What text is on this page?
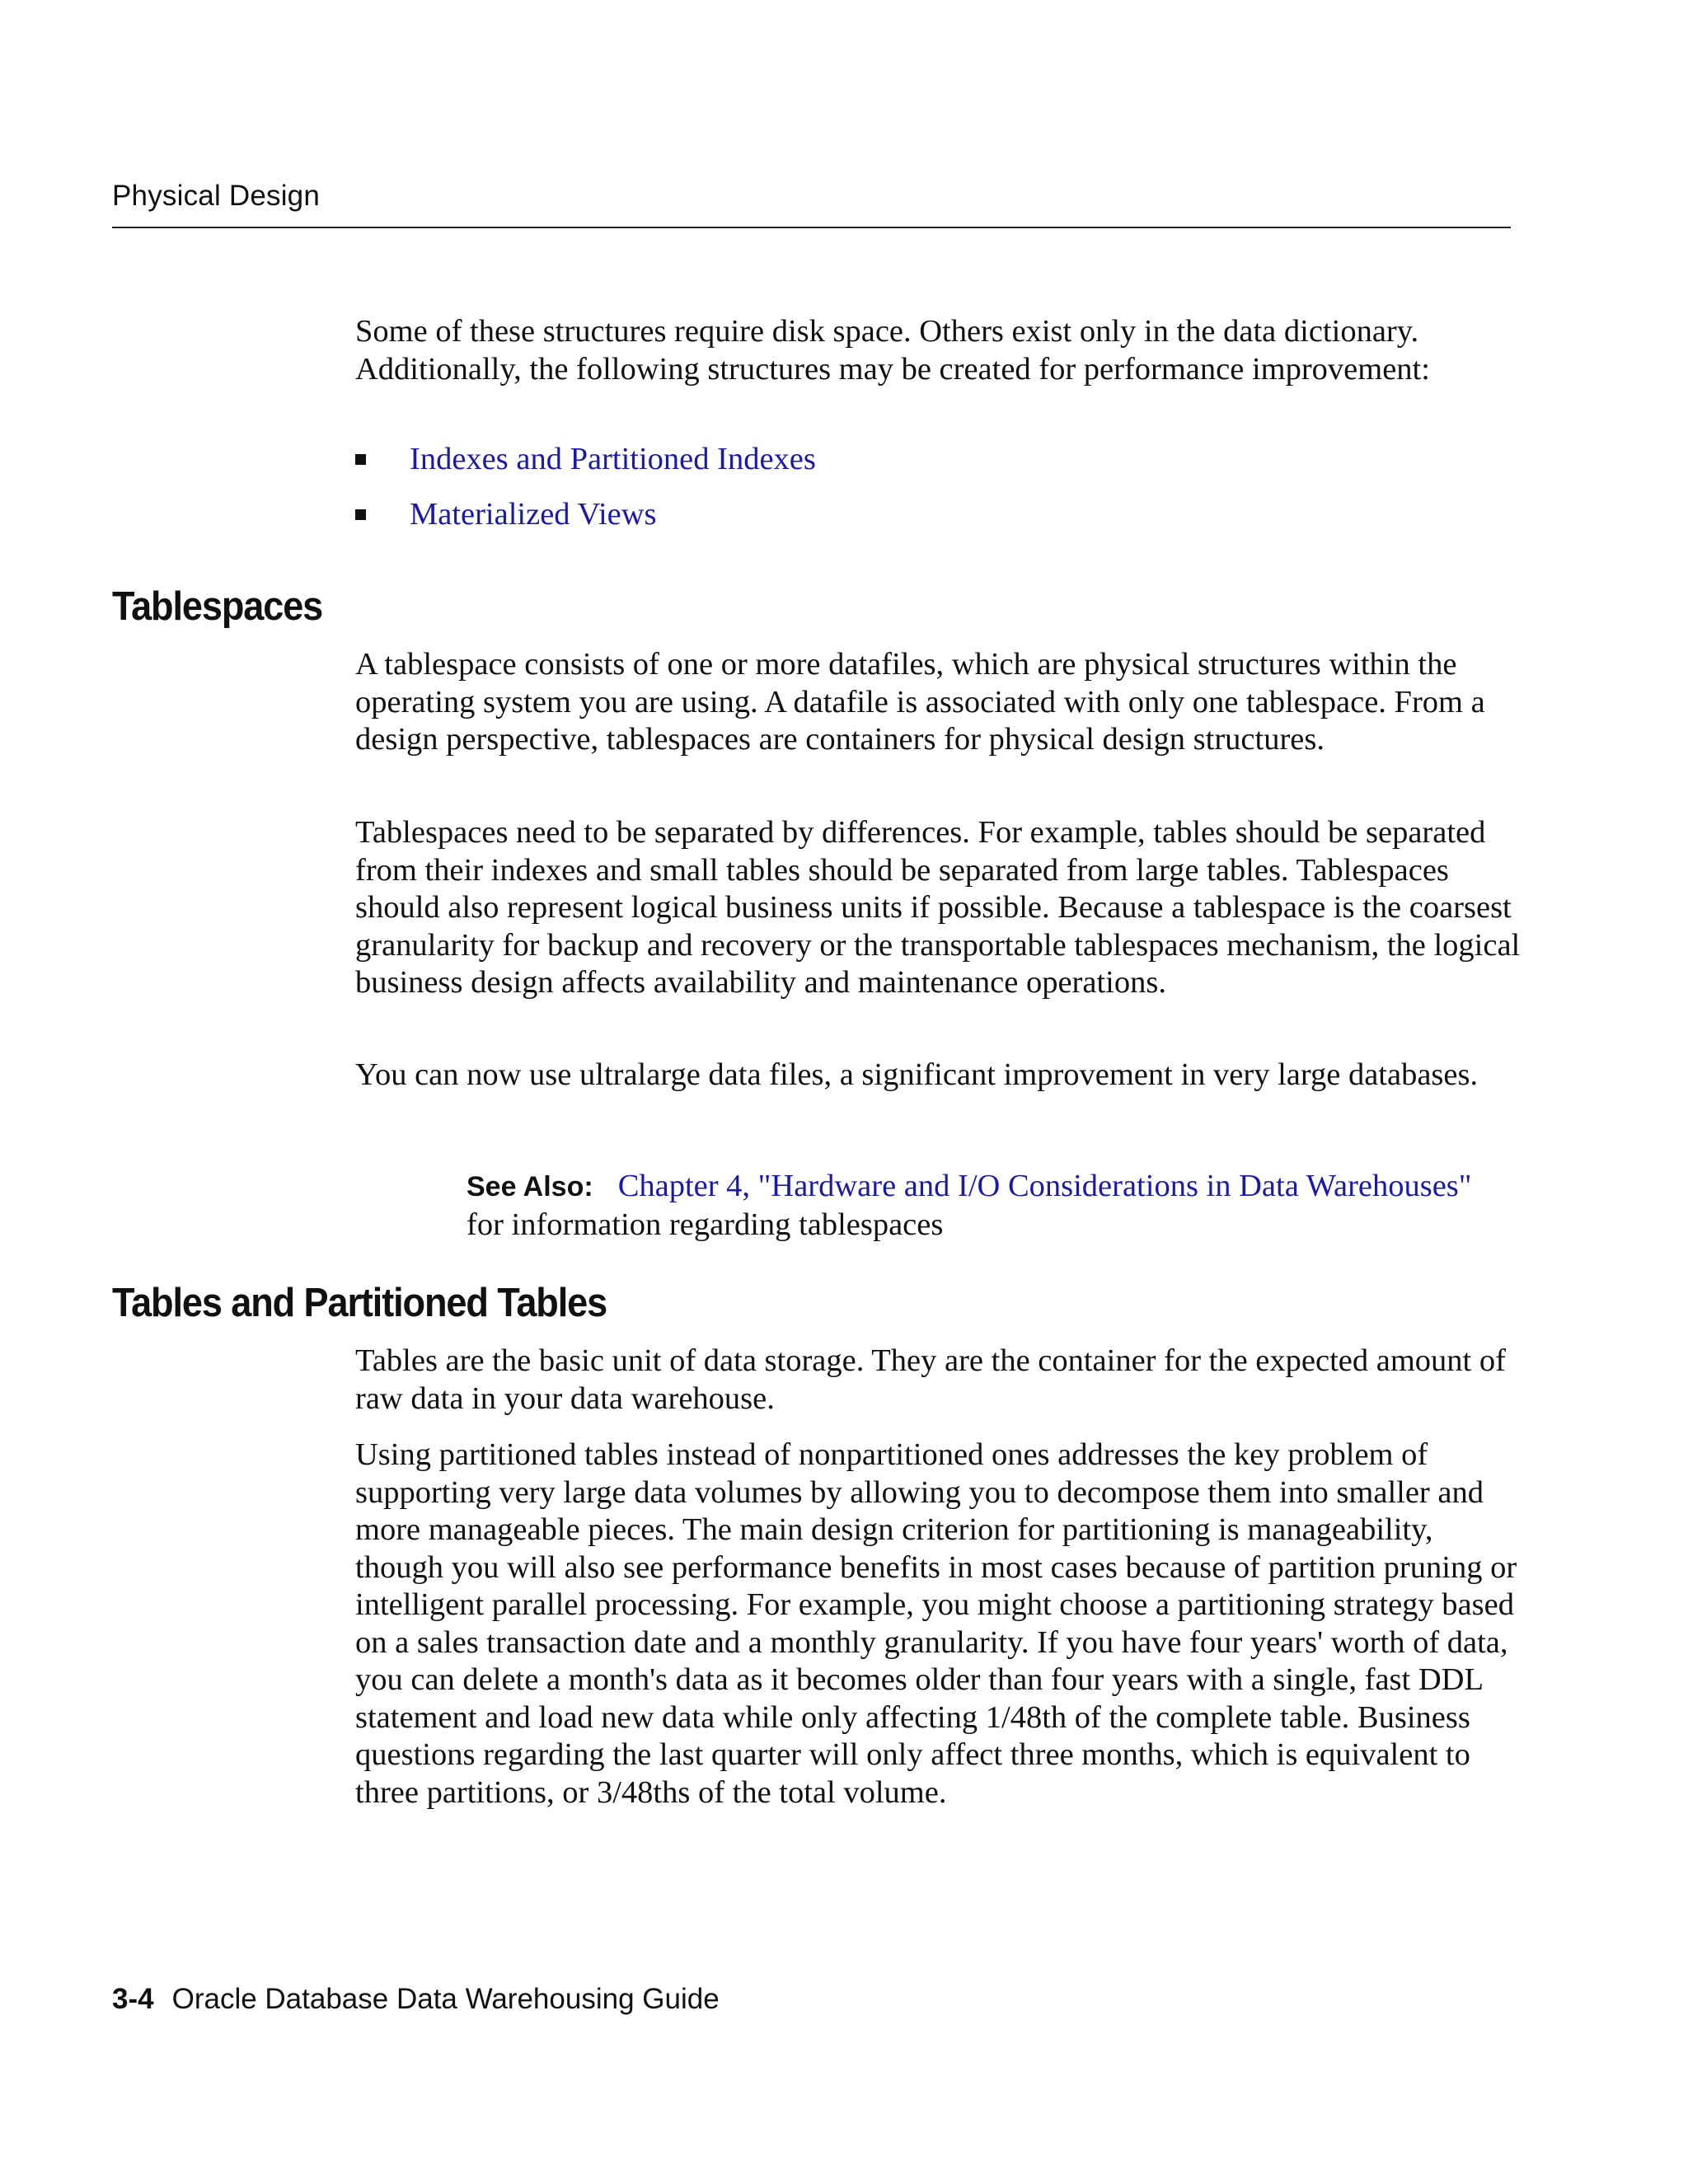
Physical Design

Some of these structures require disk space. Others exist only in the data dictionary. Additionally, the following structures may be created for performance improvement:

Indexes and Partitioned Indexes
Materialized Views
Tablespaces

A tablespace consists of one or more datafiles, which are physical structures within the operating system you are using. A datafile is associated with only one tablespace. From a design perspective, tablespaces are containers for physical design structures.

Tablespaces need to be separated by differences. For example, tables should be separated from their indexes and small tables should be separated from large tables. Tablespaces should also represent logical business units if possible. Because a tablespace is the coarsest granularity for backup and recovery or the transportable tablespaces mechanism, the logical business design affects availability and maintenance operations.

You can now use ultralarge data files, a significant improvement in very large databases.

See Also: Chapter 4, "Hardware and I/O Considerations in Data Warehouses" for information regarding tablespaces
Tables and Partitioned Tables

Tables are the basic unit of data storage. They are the container for the expected amount of raw data in your data warehouse.

Using partitioned tables instead of nonpartitioned ones addresses the key problem of supporting very large data volumes by allowing you to decompose them into smaller and more manageable pieces. The main design criterion for partitioning is manageability, though you will also see performance benefits in most cases because of partition pruning or intelligent parallel processing. For example, you might choose a partitioning strategy based on a sales transaction date and a monthly granularity. If you have four years' worth of data, you can delete a month's data as it becomes older than four years with a single, fast DDL statement and load new data while only affecting 1/48th of the complete table. Business questions regarding the last quarter will only affect three months, which is equivalent to three partitions, or 3/48ths of the total volume.

3-4 Oracle Database Data Warehousing Guide
